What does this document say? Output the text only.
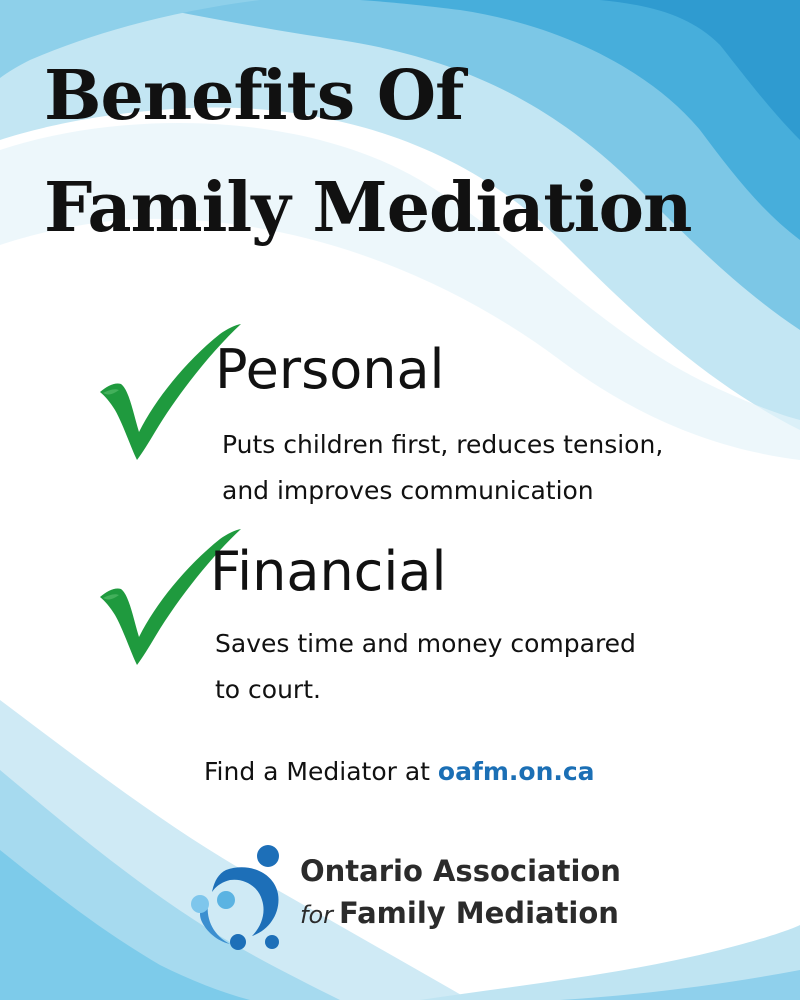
Benefits Of
Family Mediation
Personal

Puts children first, reduces tension,
and improves communication

Financial

Saves time and money compared
to court.

Find a Mediator at oafm.on.ca
Ontario Association
for Family Mediation
